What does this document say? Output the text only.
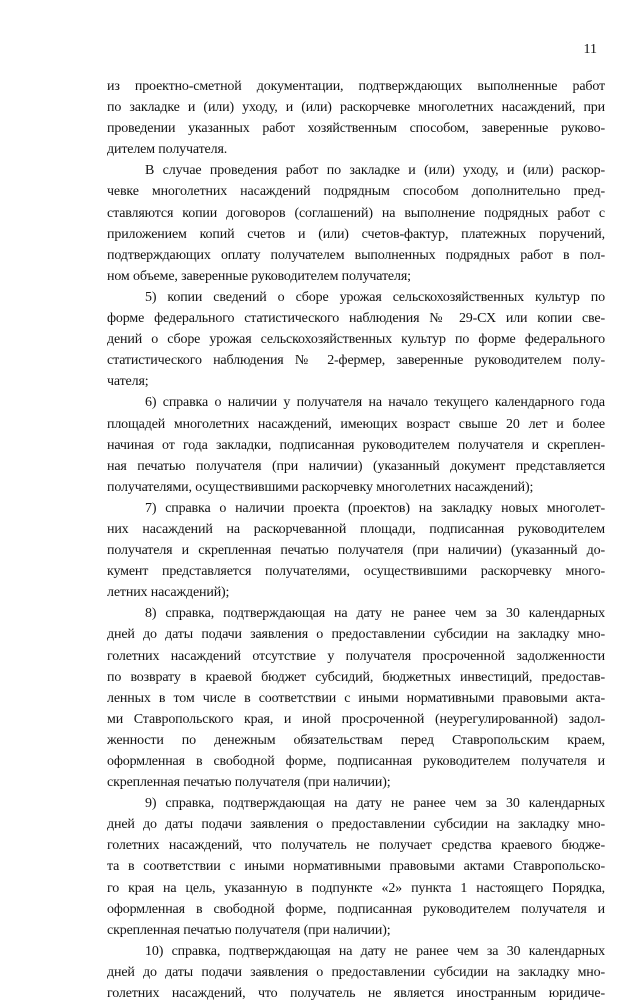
11
из проектно-сметной документации, подтверждающих выполненные работ
по закладке и (или) уходу, и (или) раскорчевке многолетних насаждений, при
проведении указанных работ хозяйственным способом, заверенные руково-
дителем получателя.
В случае проведения работ по закладке и (или) уходу, и (или) раскор-
чевке многолетних насаждений подрядным способом дополнительно пред-
ставляются копии договоров (соглашений) на выполнение подрядных работ с
приложением копий счетов и (или) счетов-фактур, платежных поручений,
подтверждающих оплату получателем выполненных подрядных работ в пол-
ном объеме, заверенные руководителем получателя;
5) копии сведений о сборе урожая сельскохозяйственных культур по
форме федерального статистического наблюдения № 29-СХ или копии све-
дений о сборе урожая сельскохозяйственных культур по форме федерального
статистического наблюдения № 2-фермер, заверенные руководителем полу-
чателя;
6) справка о наличии у получателя на начало текущего календарного года
площадей многолетних насаждений, имеющих возраст свыше 20 лет и более
начиная от года закладки, подписанная руководителем получателя и скреплен-
ная печатью получателя (при наличии) (указанный документ представляется
получателями, осуществившими раскорчевку многолетних насаждений);
7) справка о наличии проекта (проектов) на закладку новых многолет-
них насаждений на раскорчеванной площади, подписанная руководителем
получателя и скрепленная печатью получателя (при наличии) (указанный до-
кумент представляется получателями, осуществившими раскорчевку много-
летних насаждений);
8) справка, подтверждающая на дату не ранее чем за 30 календарных
дней до даты подачи заявления о предоставлении субсидии на закладку мно-
голетних насаждений отсутствие у получателя просроченной задолженности
по возврату в краевой бюджет субсидий, бюджетных инвестиций, предостав-
ленных в том числе в соответствии с иными нормативными правовыми акта-
ми Ставропольского края, и иной просроченной (неурегулированной) задол-
женности по денежным обязательствам перед Ставропольским краем,
оформленная в свободной форме, подписанная руководителем получателя и
скрепленная печатью получателя (при наличии);
9) справка, подтверждающая на дату не ранее чем за 30 календарных
дней до даты подачи заявления о предоставлении субсидии на закладку мно-
голетних насаждений, что получатель не получает средства краевого бюдже-
та в соответствии с иными нормативными правовыми актами Ставропольско-
го края на цель, указанную в подпункте «2» пункта 1 настоящего Порядка,
оформленная в свободной форме, подписанная руководителем получателя и
скрепленная печатью получателя (при наличии);
10) справка, подтверждающая на дату не ранее чем за 30 календарных
дней до даты подачи заявления о предоставлении субсидии на закладку мно-
голетних насаждений, что получатель не является иностранным юридиче-
